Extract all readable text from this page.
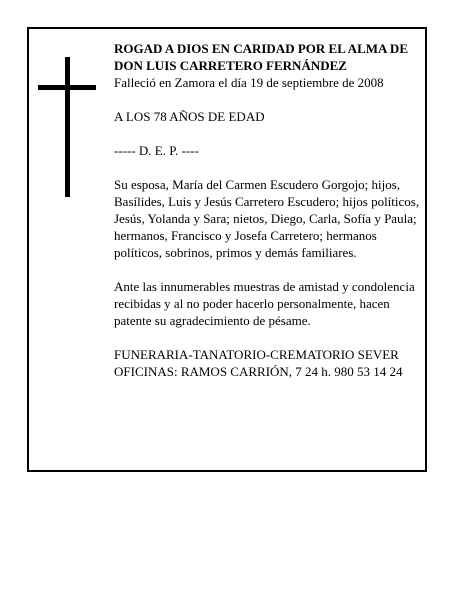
ROGAD A DIOS EN CARIDAD POR EL ALMA DE

DON LUIS CARRETERO FERNÁNDEZ

Falleció en Zamora el día 19 de septiembre de 2008

A LOS 78 AÑOS DE EDAD

----- D. E. P. ----

Su esposa, María del Carmen Escudero Gorgojo; hijos, Basílides, Luis y Jesús Carretero Escudero; hijos políticos, Jesús, Yolanda y Sara; nietos, Diego, Carla, Sofía y Paula; hermanos, Francisco y Josefa Carretero; hermanos políticos, sobrinos, primos y demás familiares.

Ante las innumerables muestras de amistad y condolencia recibidas y al no poder hacerlo personalmente, hacen patente su agradecimiento de pésame.

FUNERARIA-TANATORIO-CREMATORIO SEVER

OFICINAS: RAMOS CARRIÓN, 7 24 h. 980 53 14 24
